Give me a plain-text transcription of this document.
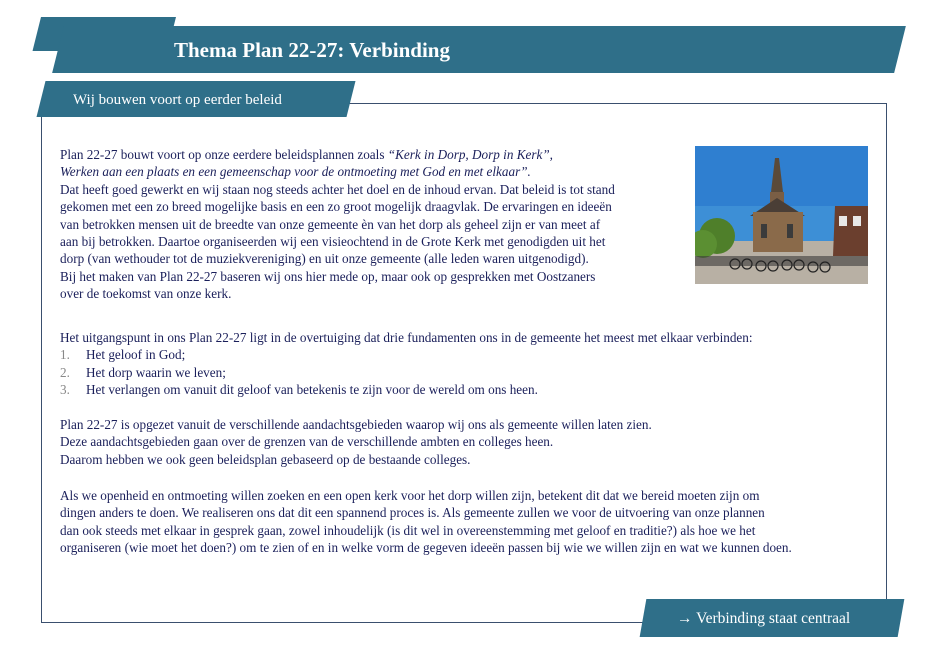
Thema Plan 22-27: Verbinding
Wij bouwen voort op eerder beleid

Plan 22-27 bouwt voort op onze eerdere beleidsplannen zoals “Kerk in Dorp, Dorp in Kerk”,

Werken aan een plaats en een gemeenschap voor de ontmoeting met God en met elkaar”.

Dat heeft goed gewerkt en wij staan nog steeds achter het doel en de inhoud ervan. Dat beleid is tot stand

gekomen met een zo breed mogelijke basis en een zo groot mogelijk draagvlak. De ervaringen en ideeën

van betrokken mensen uit de breedte van onze gemeente èn van het dorp als geheel zijn er van meet af

aan bij betrokken. Daartoe organiseerden wij een visieochtend in de Grote Kerk met genodigden uit het

dorp (van wethouder tot de muziekvereniging) en uit onze gemeente (alle leden waren uitgenodigd).

Bij het maken van Plan 22-27 baseren wij ons hier mede op, maar ook op gesprekken met Oostzaners

over de toekomst van onze kerk.

Het uitgangspunt in ons Plan 22-27 ligt in de overtuiging dat drie fundamenten ons in de gemeente het meest met elkaar verbinden:

1.	Het geloof in God;
2.	Het dorp waarin we leven;
3.	Het verlangen om vanuit dit geloof van betekenis te zijn voor de wereld om ons heen.

Plan 22-27 is opgezet vanuit de verschillende aandachtsgebieden waarop wij ons als gemeente willen laten zien.

Deze aandachtsgebieden gaan over de grenzen van de verschillende ambten en colleges heen.

Daarom hebben we ook geen beleidsplan gebaseerd op de bestaande colleges.

Als we openheid en ontmoeting willen zoeken en een open kerk voor het dorp willen zijn, betekent dit dat we bereid moeten zijn om

dingen anders te doen. We realiseren ons dat dit een spannend proces is. Als gemeente zullen we voor de uitvoering van onze plannen

dan ook steeds met elkaar in gesprek gaan, zowel inhoudelijk (is dit wel in overeenstemming met geloof en traditie?) als hoe we het

organiseren (wie moet het doen?) om te zien of en in welke vorm de gegeven ideeën passen bij wie we willen zijn en wat we kunnen doen.

→ Verbinding staat centraal
